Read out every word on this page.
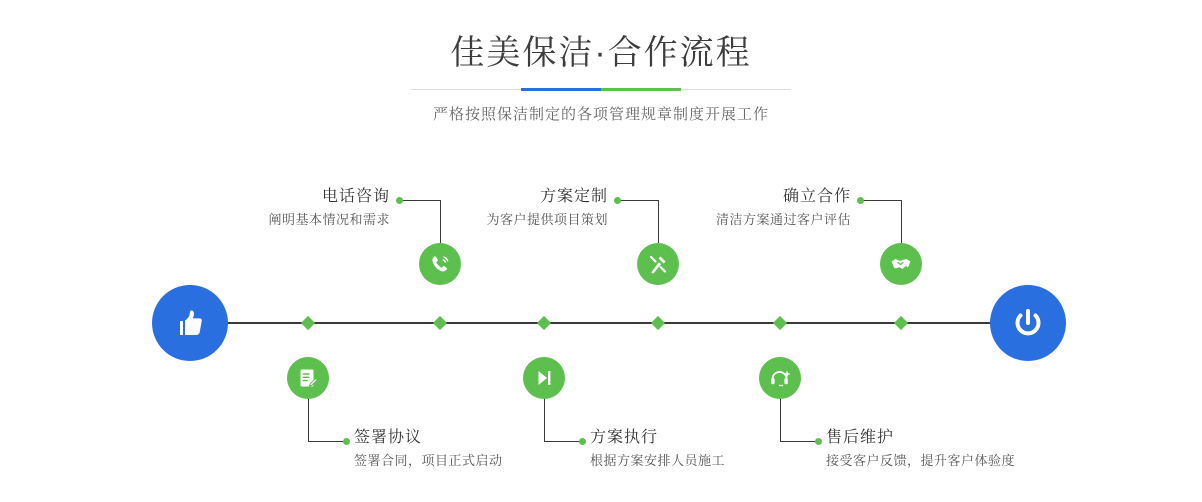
佳美保洁·合作流程

严格按照保洁制定的各项管理规章制度开展工作

电话咨询
阐明基本情况和需求
签署协议
签署合同，项目正式启动
方案定制
为客户提供项目策划
方案执行
根据方案安排人员施工
确立合作
清洁方案通过客户评估
售后维护
接受客户反馈，提升客户体验度
